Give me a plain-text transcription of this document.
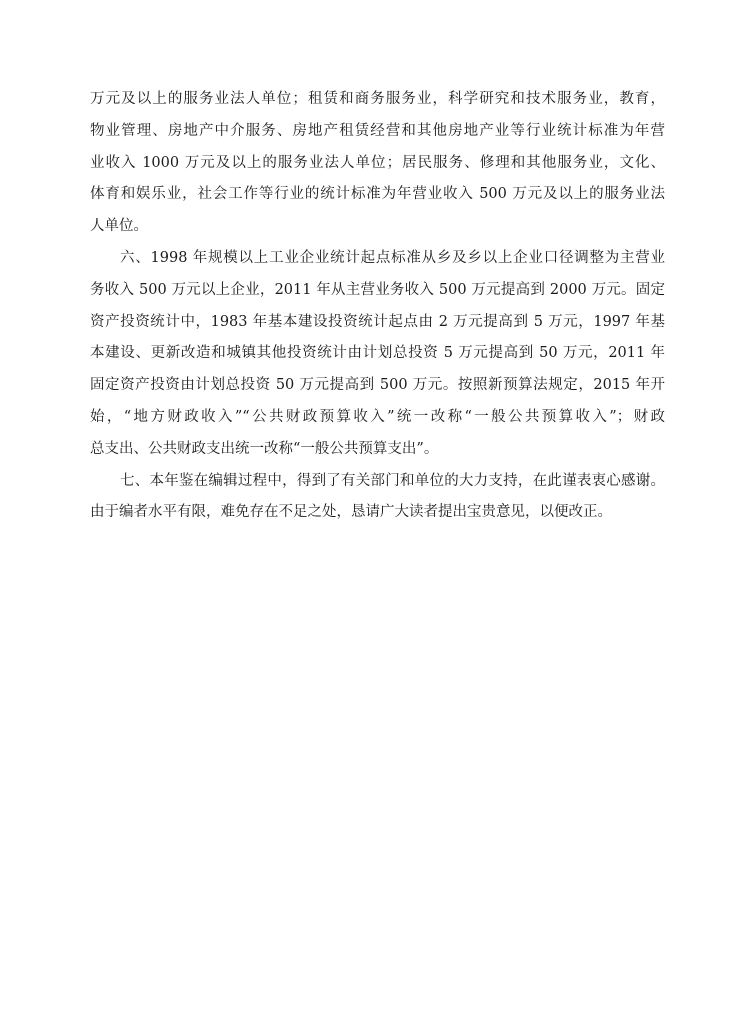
万元及以上的服务业法人单位；租赁和商务服务业，科学研究和技术服务业，教育，
物业管理、房地产中介服务、房地产租赁经营和其他房地产业等行业统计标准为年营
业收入 1000 万元及以上的服务业法人单位；居民服务、修理和其他服务业，文化、
体育和娱乐业，社会工作等行业的统计标准为年营业收入 500 万元及以上的服务业法
人单位。
六、1998 年规模以上工业企业统计起点标准从乡及乡以上企业口径调整为主营业
务收入 500 万元以上企业，2011 年从主营业务收入 500 万元提高到 2000 万元。固定
资产投资统计中，1983 年基本建设投资统计起点由 2 万元提高到 5 万元，1997 年基
本建设、更新改造和城镇其他投资统计由计划总投资 5 万元提高到 50 万元，2011 年
固定资产投资由计划总投资 50 万元提高到 500 万元。按照新预算法规定，2015 年开
始，“地方财政收入”“公共财政预算收入”统一改称“一般公共预算收入”；财政
总支出、公共财政支出统一改称“一般公共预算支出”。
七、本年鉴在编辑过程中，得到了有关部门和单位的大力支持，在此谨表衷心感谢。
由于编者水平有限，难免存在不足之处，恳请广大读者提出宝贵意见，以便改正。
